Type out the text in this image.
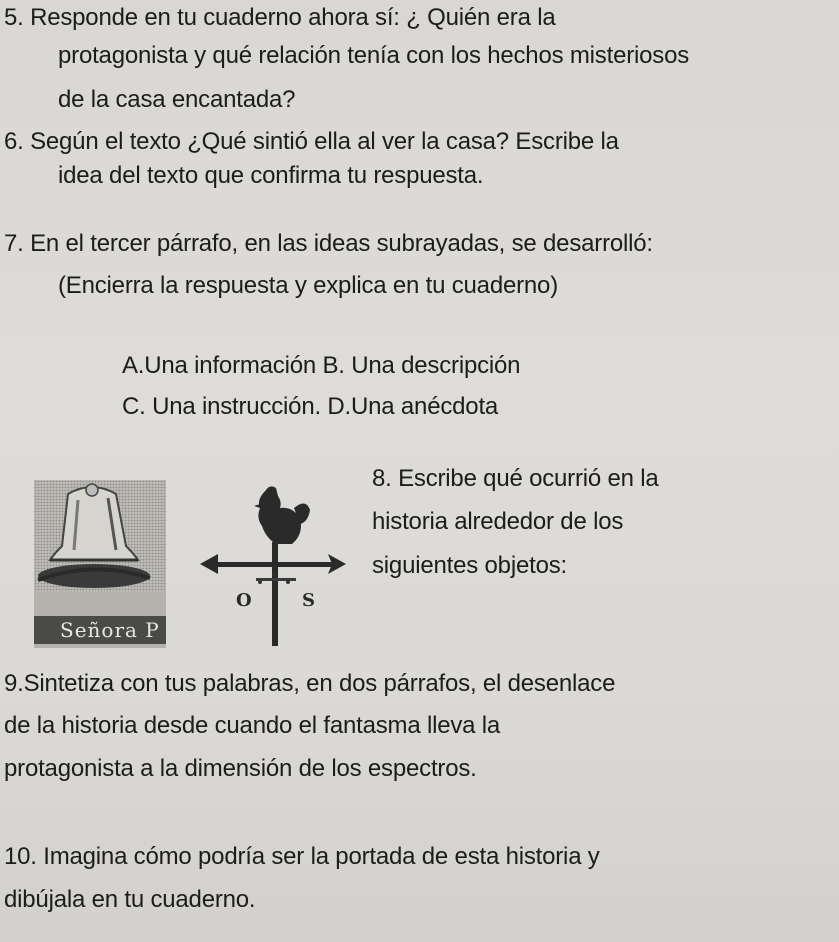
5. Responde en tu cuaderno ahora sí: ¿ Quién era la
protagonista y qué relación tenía con los hechos misteriosos
de la casa encantada?
6. Según el texto ¿Qué sintió ella al ver la casa? Escribe la
idea del texto que confirma tu respuesta.
7. En el tercer párrafo, en las ideas subrayadas, se desarrolló:
(Encierra la respuesta y explica en tu cuaderno)
A.Una información B. Una descripción
C. Una instrucción. D.Una anécdota
8. Escribe qué ocurrió en la
historia alrededor de los
siguientes objetos:
Señora P
O	S
9.Sintetiza con tus palabras, en dos párrafos, el desenlace
de la historia desde cuando el fantasma lleva la
protagonista a la dimensión de los espectros.
10. Imagina cómo podría ser la portada de esta historia y
dibújala en tu cuaderno.
